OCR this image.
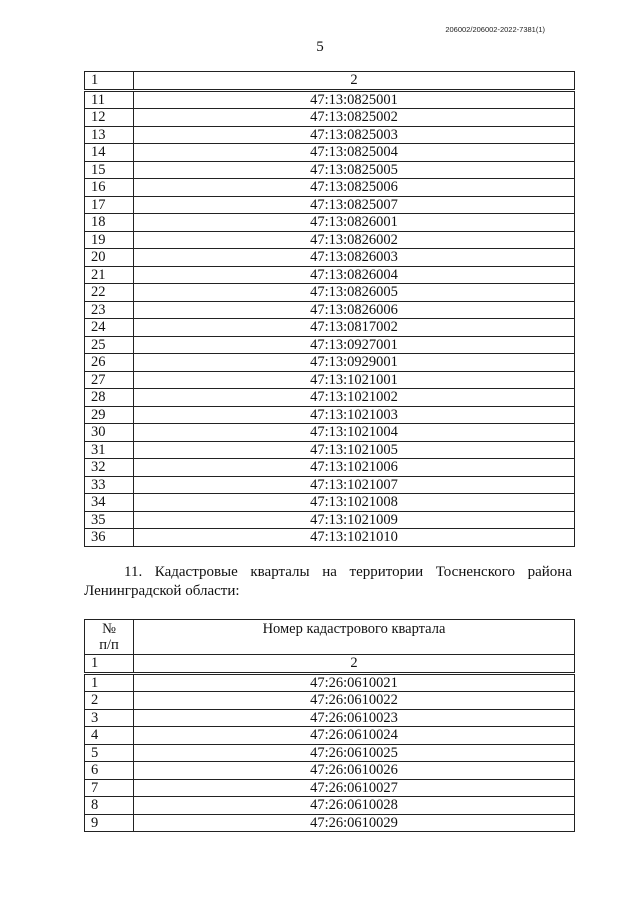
206002/206002-2022-7381(1)
5
1	2
11	47:13:0825001
12	47:13:0825002
13	47:13:0825003
14	47:13:0825004
15	47:13:0825005
16	47:13:0825006
17	47:13:0825007
18	47:13:0826001
19	47:13:0826002
20	47:13:0826003
21	47:13:0826004
22	47:13:0826005
23	47:13:0826006
24	47:13:0817002
25	47:13:0927001
26	47:13:0929001
27	47:13:1021001
28	47:13:1021002
29	47:13:1021003
30	47:13:1021004
31	47:13:1021005
32	47:13:1021006
33	47:13:1021007
34	47:13:1021008
35	47:13:1021009
36	47:13:1021010
11. Кадастровые кварталы на территории Тосненского района
Ленинградской области:
№
п/п	Номер кадастрового квартала
1	2
1	47:26:0610021
2	47:26:0610022
3	47:26:0610023
4	47:26:0610024
5	47:26:0610025
6	47:26:0610026
7	47:26:0610027
8	47:26:0610028
9	47:26:0610029
